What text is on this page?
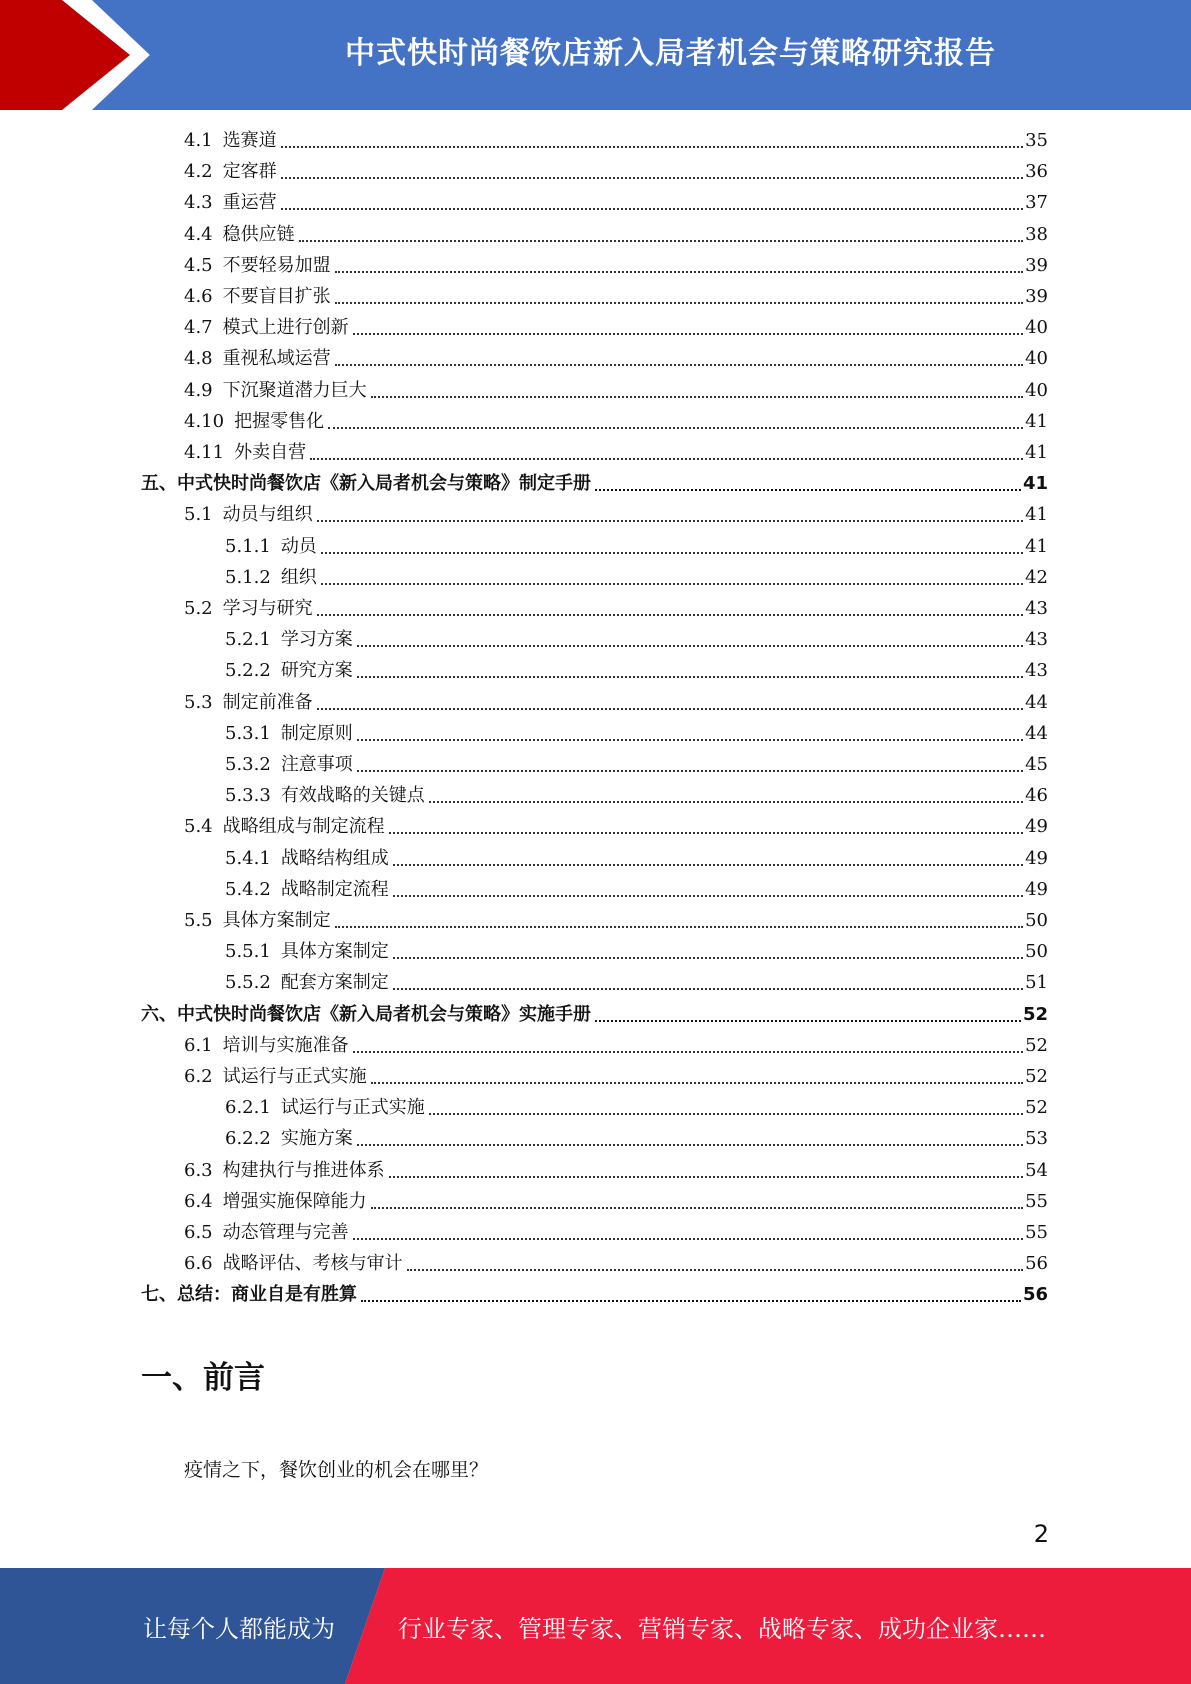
中式快时尚餐饮店新入局者机会与策略研究报告
4.1 选赛道	35
4.2 定客群	36
4.3 重运营	37
4.4 稳供应链	38
4.5 不要轻易加盟	39
4.6 不要盲目扩张	39
4.7 模式上进行创新	40
4.8 重视私域运营	40
4.9 下沉聚道潜力巨大	40
4.10 把握零售化	41
4.11 外卖自营	41
五、中式快时尚餐饮店《新入局者机会与策略》制定手册	41
5.1 动员与组织	41
5.1.1 动员	41
5.1.2 组织	42
5.2 学习与研究	43
5.2.1 学习方案	43
5.2.2 研究方案	43
5.3 制定前准备	44
5.3.1 制定原则	44
5.3.2 注意事项	45
5.3.3 有效战略的关键点	46
5.4 战略组成与制定流程	49
5.4.1 战略结构组成	49
5.4.2 战略制定流程	49
5.5 具体方案制定	50
5.5.1 具体方案制定	50
5.5.2 配套方案制定	51
六、中式快时尚餐饮店《新入局者机会与策略》实施手册	52
6.1 培训与实施准备	52
6.2 试运行与正式实施	52
6.2.1 试运行与正式实施	52
6.2.2 实施方案	53
6.3 构建执行与推进体系	54
6.4 增强实施保障能力	55
6.5 动态管理与完善	55
6.6 战略评估、考核与审计	56
七、总结：商业自是有胜算	56
一、前言
疫情之下，餐饮创业的机会在哪里？
2
让每个人都能成为	行业专家、管理专家、营销专家、战略专家、成功企业家……
